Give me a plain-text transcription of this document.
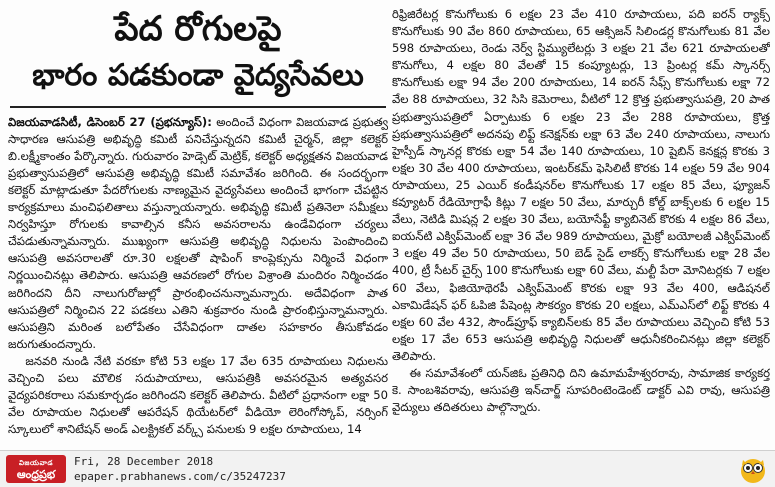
పేద రోగులపై
భారం పడకుండా వైద్యసేవలు

విజయవాడసిటీ, డిసెంబర్ 27 (ప్రభన్యూస్): అందించే విధంగా విజయవాడ ప్రభుత్వ సాధారణ ఆసుపత్రి అభివృద్ధి కమిటీ పనిచేస్తున్నదని కమిటీ చైర్మన్, జిల్లా కలెక్టర్ బి.లక్ష్మీకాంతం పేర్కొన్నారు. గురువారం హెడ్సెట్ మెట్రిక్, కలెక్టర్ అధ్యక్షతన విజయవాడ ప్రభుత్వాసుపత్రిలో ఆసుపత్రి అభివృద్ధి కమిటీ సమావేశం జరిగింది. ఈ సందర్భంగా కలెక్టర్ మాట్లాడుతూ పేదరోగులకు నాణ్యమైన వైద్యసేవలు అందించే భాగంగా చేపట్టిన కార్యక్రమాలు మంచిఫలితాలు వస్తున్నాయన్నారు. అభివృద్ధి కమిటీ ప్రతినెలా సమీక్షలు నిర్వహిస్తూ రోగులకు కావాల్సిన కనీస అవసరాలను ఉండేవిధంగా చర్యలు చేపడుతున్నామన్నారు. ముఖ్యంగా ఆసుపత్రి అభివృద్ధి నిధులను పెంపొందించి ఆసుపత్రి అవసరాలతో రూ.30 లక్షలతో షాపింగ్ కాంప్లెక్సును నిర్మించే విధంగా నిర్ణయించినట్లు తెలిపారు. ఆసుపత్రి ఆవరణలో రోగుల విశ్రాంతి మందిరం నిర్మించడం జరిగిందని దీని నాలుగురోజుల్లో ప్రారంభించనున్నామన్నారు. అదేవిధంగా పాత ఆసుపత్రిలో నిర్మించిన 22 పడకలు ఎతిని శుక్రవారం నుండి ప్రారంభిస్తున్నామన్నారు. ఆసుపత్రిని మరింత బలోపేతం చేసేవిధంగా దాతల సహకారం తీసుకోవడం జరుగుతుందన్నారు.

జనవరి నుండి నేటి వరకూ కోటి 53 లక్షల 17 వేల 635 రూపాయలు నిధులను వెచ్చించి పలు మౌలిక సదుపాయాలు, ఆసుపత్రికి అవసరమైన అత్యవసర వైద్యపరికరాలు సమకూర్చడం జరిగిందని కలెక్టర్ తెలిపారు. వీటిలో ప్రధానంగా లక్షా 50 వేల రూపాయల నిధులతో ఆపరేషన్ థియేటర్‌లో వీడియో లెరింగోస్కోప్, నర్సింగ్ స్కూలులో శానిటేషన్ అండ్ ఎలక్ట్రికల్ వర్క్స్ పనులకు 9 లక్షల రూపాయలు, 14

రిఫ్రిజిరేటర్ల కొనుగోలుకు 6 లక్షల 23 వేల 410 రూపాయలు, పది ఐరన్ ర్యాక్స్ కొనుగోలుకు 90 వేల 860 రూపాయలు, 65 ఆక్సిజన్ సిలిండర్ల కొనుగోలుకు 81 వేల 598 రూపాయలు, రెండు నెర్వ్ స్టిమ్యులేటర్లు 3 లక్షల 21 వేల 621 రూపాయలతో కొనుగోలు, 4 లక్షల 80 వేలతో 15 కంప్యూటర్లు, 13 ప్రింటర్ల కమ్ స్కానర్స్ కొనుగోలుకు లక్షా 94 వేల 200 రూపాయలు, 14 ఐరన్ సేఫ్స్ కొనుగోలుకు లక్షా 72 వేల 88 రూపాయలు, 32 సిసి కెమెరాలు, వీటిలో 12 క్రొత్త ప్రభుత్వాసుపత్రి, 20 పాత ప్రభుత్వాసుపత్రిలో ఏర్పాటుకు 6 లక్షల 23 వేల 288 రూపాయలు, క్రొత్త ప్రభుత్వాసుపత్రిలో అదనపు లిఫ్ట్ కనెక్షన్‌కు లక్షా 63 వేల 240 రూపాయలు, నాలుగు హైస్పీడ్ స్కానర్ల కొరకు లక్షా 54 వేల 140 రూపాయలు, 10 షైబిన్ కెనక్షన్ల కొరకు 3 లక్షల 30 వేల 400 రూపాయలు, ఇంటర్‌కమ్ ఫెసిలిటీ కొరకు 14 లక్షల 59 వేల 904 రూపాయలు, 25 ఎయిర్ కండీషనర్‌ల కొనుగోలుకు 17 లక్షల 85 వేలు, ఫ్యూజన్ కవ్యూటర్ రేడియోగ్రాఫీ కిట్లు 7 లక్షల 50 వేలు, మార్చురీ కోల్డ్ బాక్స్‌లకు 6 లక్షల 15 వేలు, నెటిడి మిషన్ల 2 లక్షల 30 వేలు, బయోసేఫ్టీ క్యాబినెట్ కొరకు 4 లక్షల 86 వేలు, ఐయన్‌టి ఎక్విప్‌మెంట్ లక్షా 36 వేల 989 రూపాయలు, మైక్రో బయోలజీ ఎక్విప్‌మెంట్ 3 లక్షల 49 వేల 50 రూపాయలు, 50 బెడ్ సైడ్ లాకర్స్ కొనుగోలుకు లక్షా 28 వేల 400, ట్రీ సీటర్ చైర్స్ 100 కొనుగోలుకు లక్షా 60 వేలు, మల్టీ పేరా మోనిటర్లకు 7 లక్షల 60 వేలు, ఫిజియోథెరపీ ఎక్విప్‌మెంట్ కొరకు లక్షా 93 వేల 400, ఆడిషనల్ ఎకామిడేషన్ ఫర్ ఓపిజి పేషెంట్ల సౌకర్యం కొరకు 20 లక్షలు, ఎమ్‌ఎస్‌లో లిఫ్ట్ కొరకు 4 లక్షల 60 వేల 432, సౌండ్‌ప్రూఫ్ క్యాబిన్‌లకు 85 వేల రూపాయలు వెచ్చించి కోటి 53 లక్షల 17 వేల 653 ఆసుపత్రి అభివృద్ధి నిధులతో ఆధునీకరించినట్లు జిల్లా కలెక్టర్ తెలిపారు.

ఈ సమావేశంలో యన్‌జిఓ ప్రతినిధి దిని ఉమామహేశ్వరరావు, సామాజిక కార్యకర్త కె. సాంబశివరావు, ఆసుపత్రి ఇన్‌చార్జ్ సూపరింటెండెంట్ డాక్టర్ ఎవి రావు, ఆసుపత్రి వైద్యులు తదితరులు పాల్గొన్నారు.

విజయవాడ
ఆంధ్రప్రభ
Fri, 28 December 2018
epaper.prabhanews.com/c/35247237
